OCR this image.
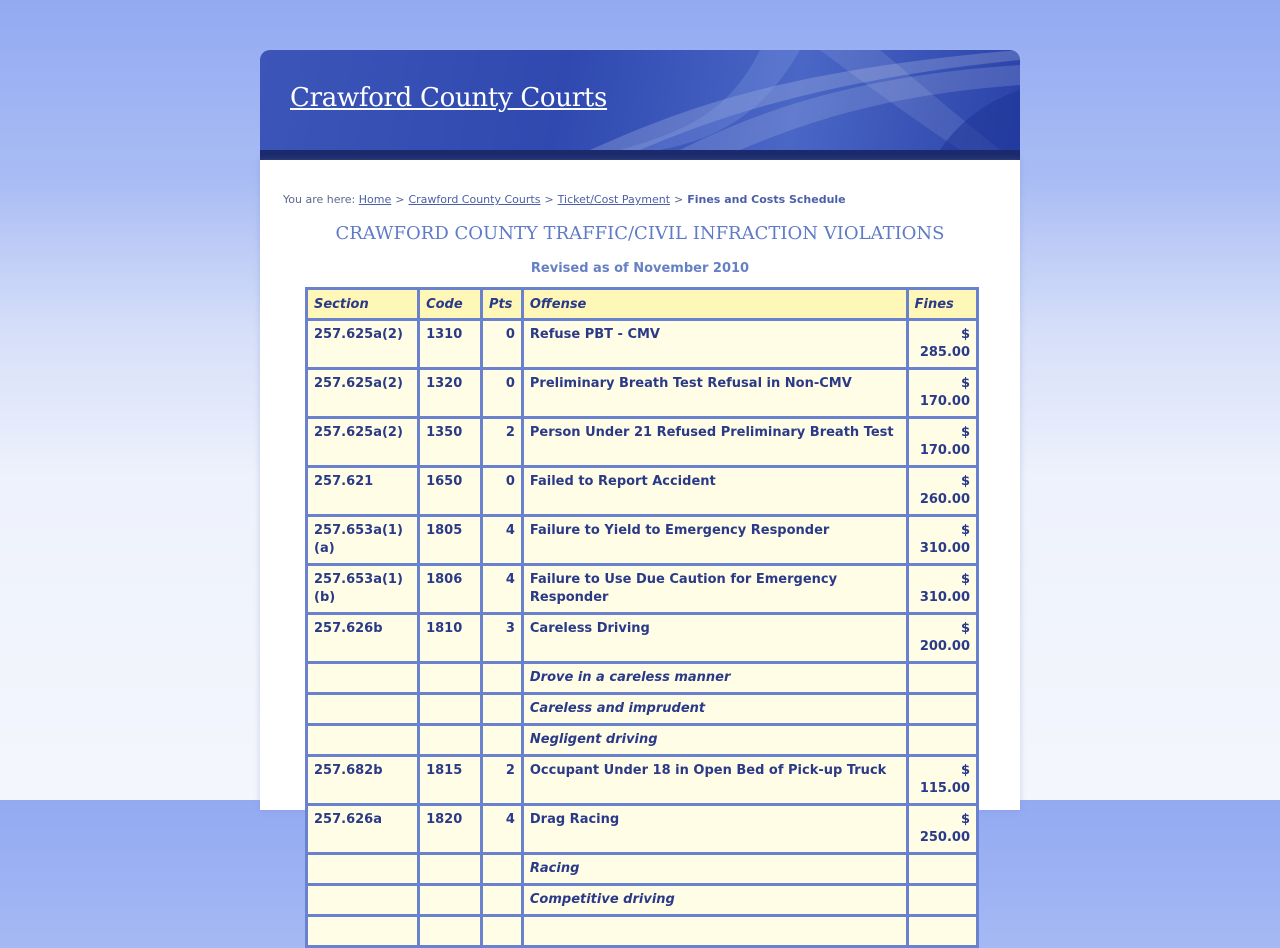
Crawford County Courts
You are here: Home > Crawford County Courts > Ticket/Cost Payment > Fines and Costs Schedule
CRAWFORD COUNTY TRAFFIC/CIVIL INFRACTION VIOLATIONS
Revised as of November 2010
Section	Code	Pts	Offense	Fines
257.625a(2)	1310	0	Refuse PBT - CMV	$ 285.00
257.625a(2)	1320	0	Preliminary Breath Test Refusal in Non-CMV	$ 170.00
257.625a(2)	1350	2	Person Under 21 Refused Preliminary Breath Test	$ 170.00
257.621	1650	0	Failed to Report Accident	$ 260.00
257.653a(1)(a)	1805	4	Failure to Yield to Emergency Responder	$ 310.00
257.653a(1)(b)	1806	4	Failure to Use Due Caution for Emergency Responder	$ 310.00
257.626b	1810	3	Careless Driving	$ 200.00
			Drove in a careless manner	
			Careless and imprudent	
			Negligent driving	
257.682b	1815	2	Occupant Under 18 in Open Bed of Pick-up Truck	$ 115.00
257.626a	1820	4	Drag Racing	$ 250.00
			Racing	
			Competitive driving	
